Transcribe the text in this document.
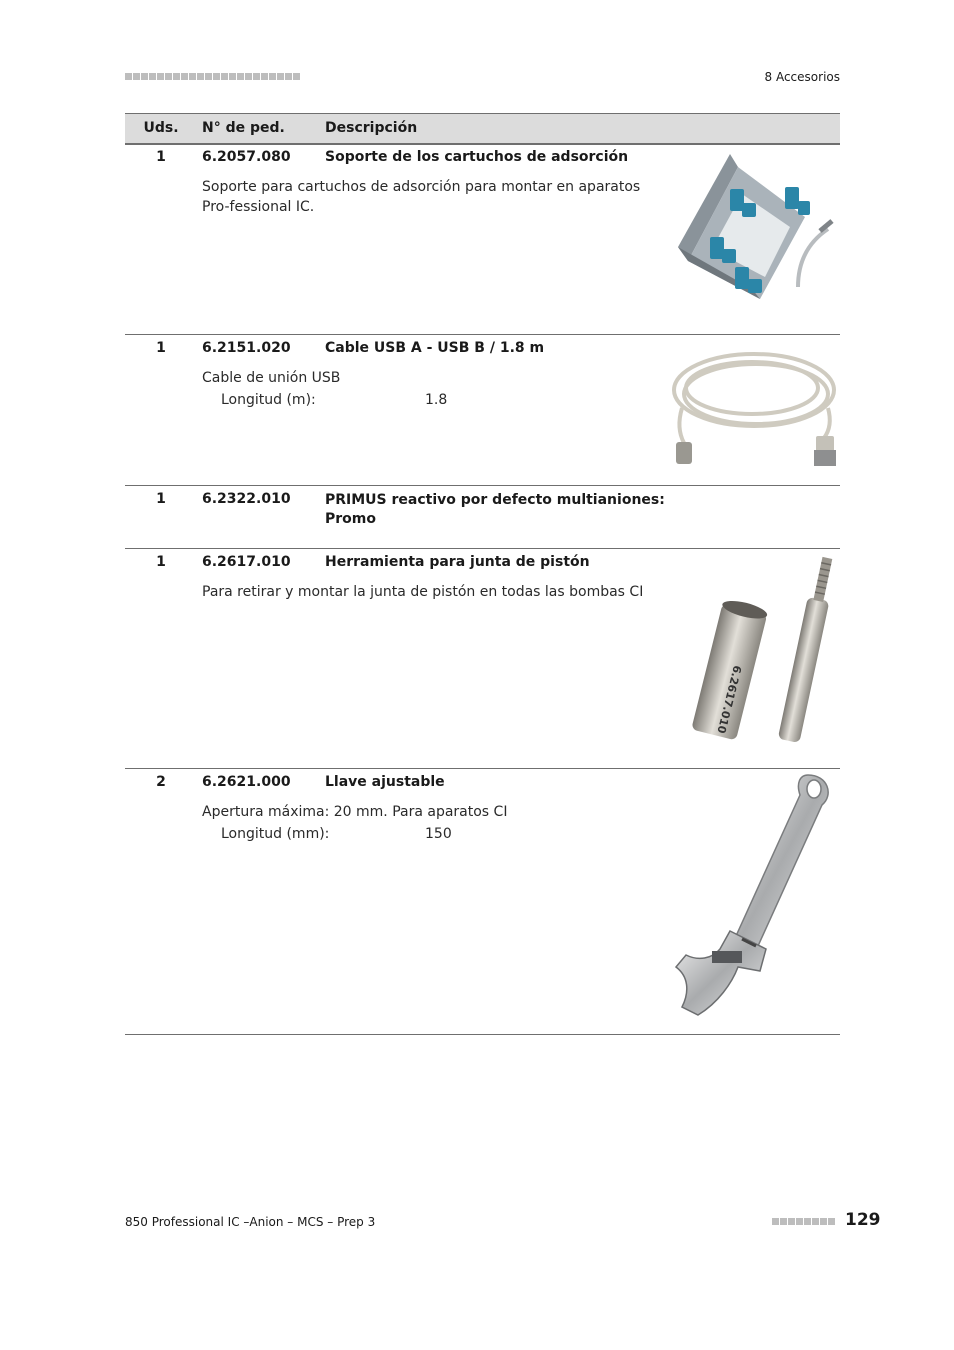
8 Accesorios
Uds.	N° de ped.	Descripción
1	6.2057.080 Soporte de los cartuchos de adsorción
Soporte para cartuchos de adsorción para montar en aparatos Pro-fessional IC.
1	6.2151.020 Cable USB A - USB B / 1.8 m
Cable de unión USB
Longitud (m):	1.8
1	6.2322.010 PRIMUS reactivo por defecto multianiones:
Promo
1	6.2617.010 Herramienta para junta de pistón
Para retirar y montar la junta de pistón en todas las bombas CI
6.2617.010
2	6.2621.000 Llave ajustable
Apertura máxima: 20 mm. Para aparatos CI
Longitud (mm):	150
850 Professional IC –Anion – MCS – Prep 3	129
